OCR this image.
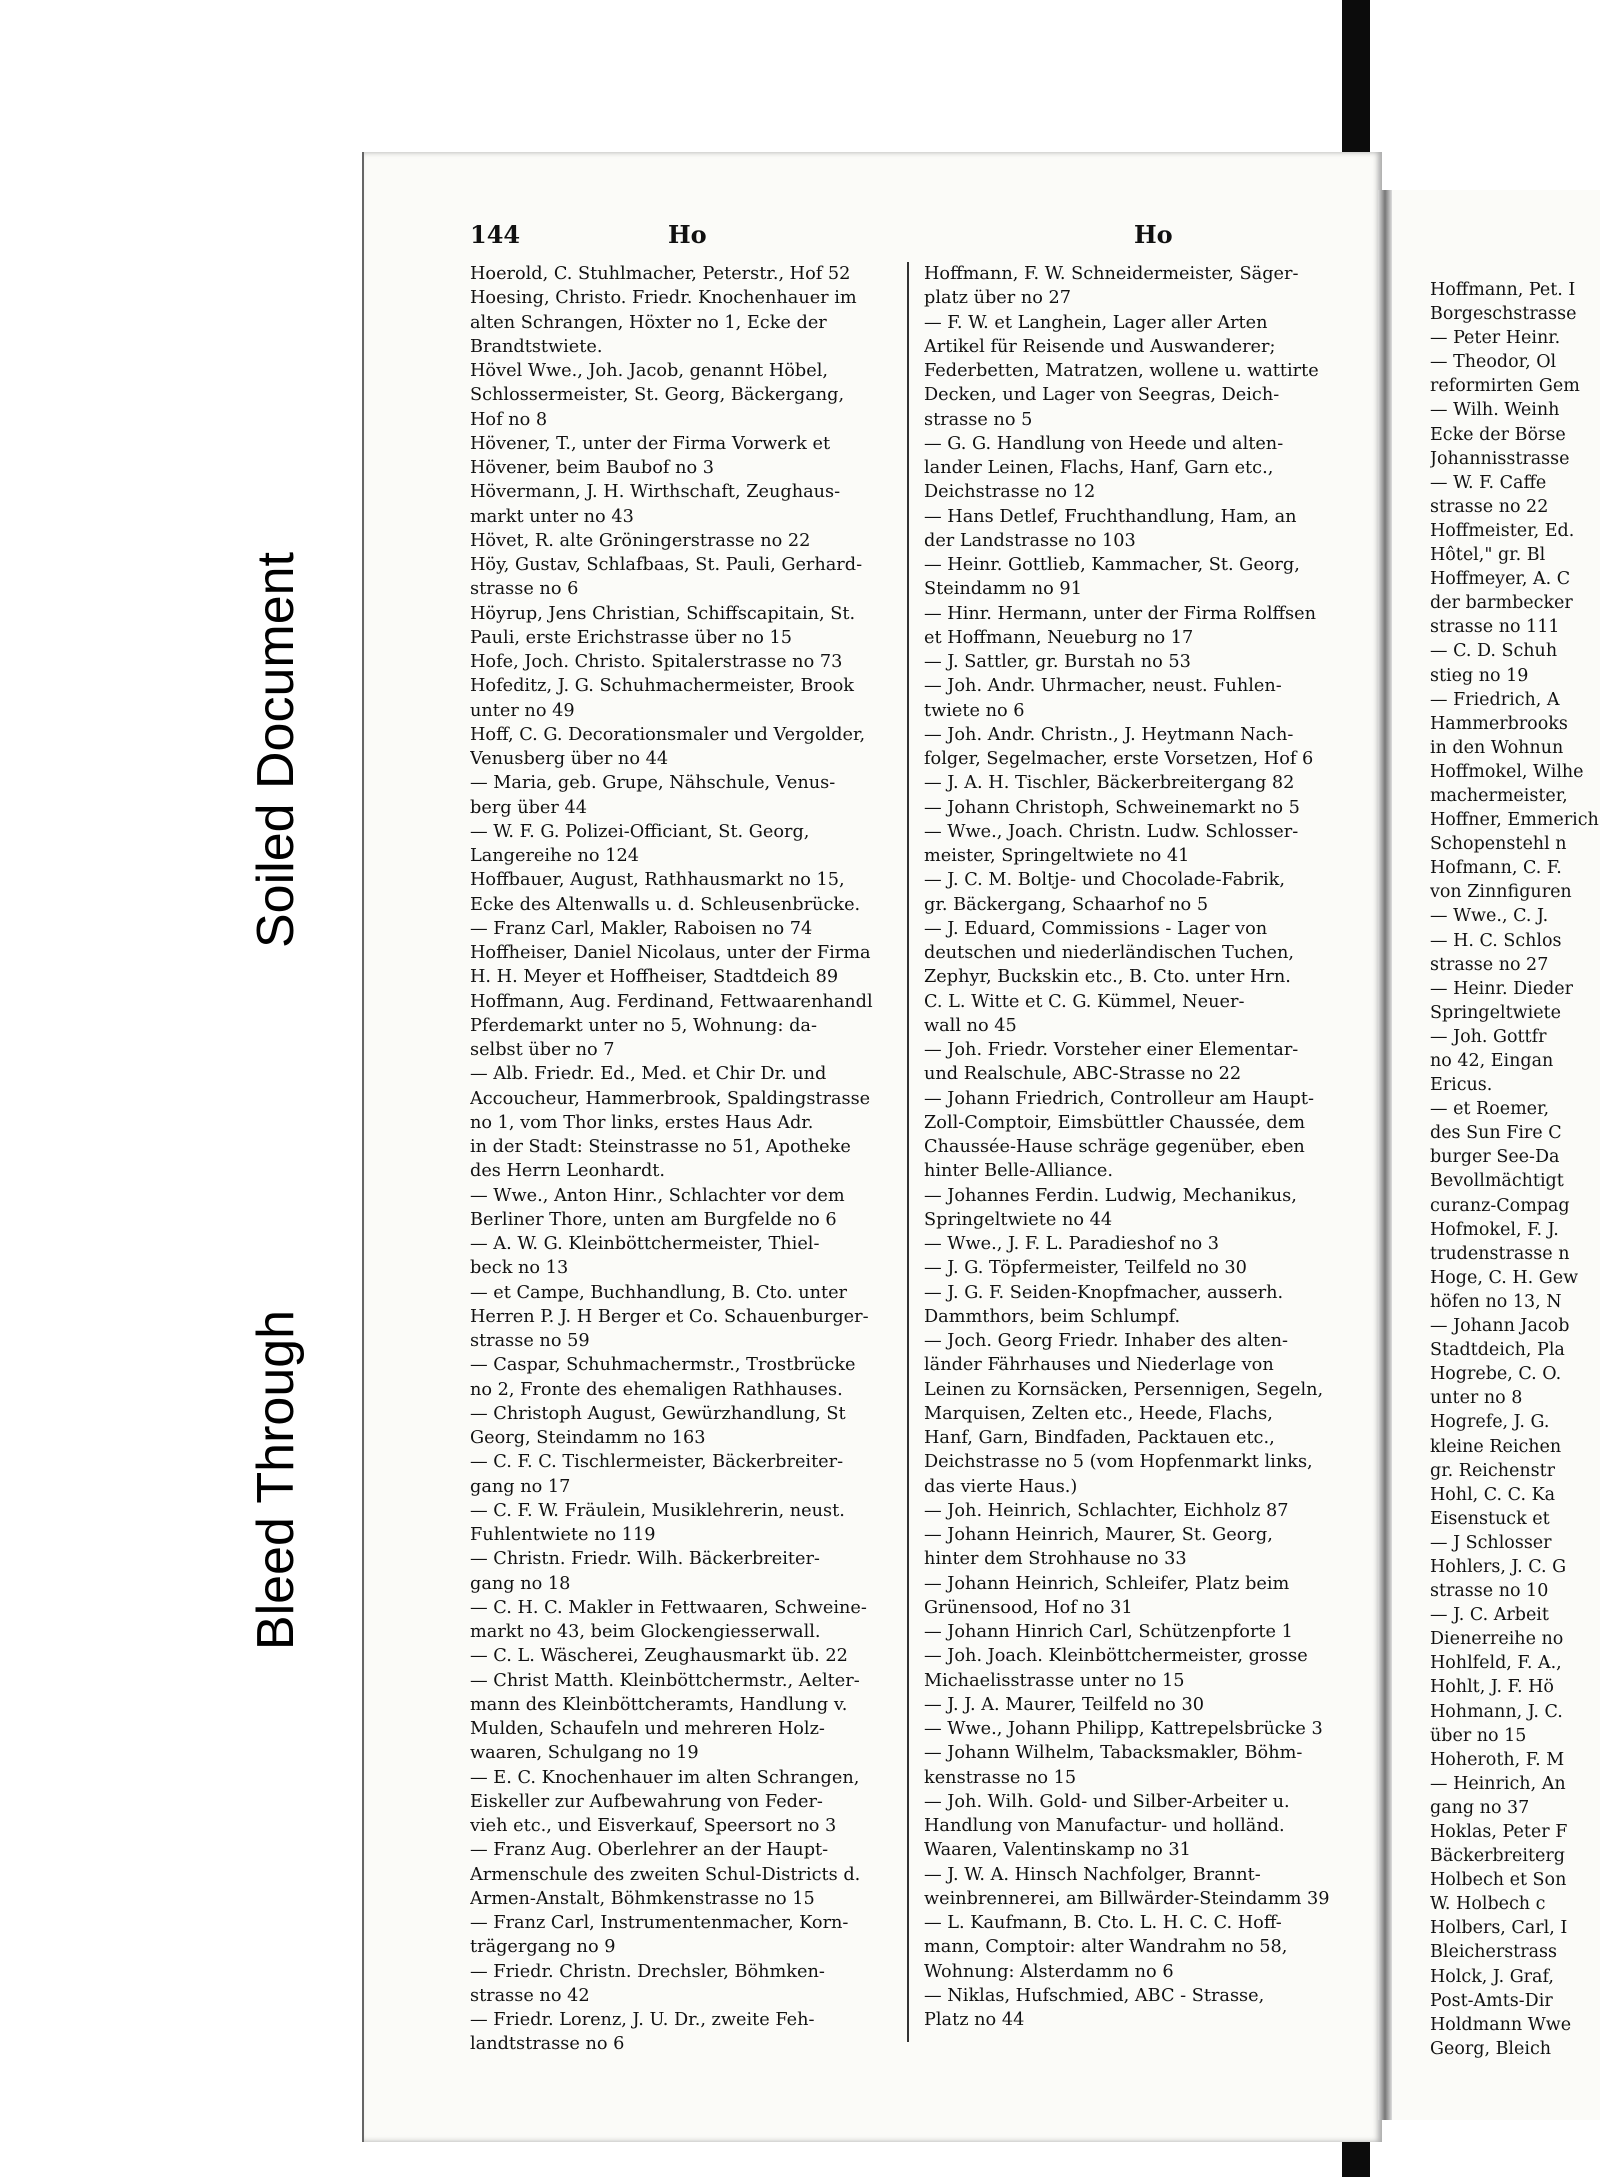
Soiled Document
Bleed Through
144	Ho	Ho
Hoerold, C. Stuhlmacher, Peterstr., Hof 52
Hoesing, Christo. Friedr. Knochenhauer im
alten Schrangen, Höxter no 1, Ecke der
Brandtstwiete.
Hövel Wwe., Joh. Jacob, genannt Höbel,
Schlossermeister, St. Georg, Bäckergang,
Hof no 8
Hövener, T., unter der Firma Vorwerk et
Hövener, beim Baubof no 3
Hövermann, J. H. Wirthschaft, Zeughaus-
markt unter no 43
Hövet, R. alte Gröningerstrasse no 22
Höy, Gustav, Schlafbaas, St. Pauli, Gerhard-
strasse no 6
Höyrup, Jens Christian, Schiffscapitain, St.
Pauli, erste Erichstrasse über no 15
Hofe, Joch. Christo. Spitalerstrasse no 73
Hofeditz, J. G. Schuhmachermeister, Brook
unter no 49
Hoff, C. G. Decorationsmaler und Vergolder,
Venusberg über no 44
— Maria, geb. Grupe, Nähschule, Venus-
berg über 44
— W. F. G. Polizei-Officiant, St. Georg,
Langereihe no 124
Hoffbauer, August, Rathhausmarkt no 15,
Ecke des Altenwalls u. d. Schleusenbrücke.
— Franz Carl, Makler, Raboisen no 74
Hoffheiser, Daniel Nicolaus, unter der Firma
H. H. Meyer et Hoffheiser, Stadtdeich 89
Hoffmann, Aug. Ferdinand, Fettwaarenhandl
Pferdemarkt unter no 5, Wohnung: da-
selbst über no 7
— Alb. Friedr. Ed., Med. et Chir Dr. und
Accoucheur, Hammerbrook, Spaldingstrasse
no 1, vom Thor links, erstes Haus Adr.
in der Stadt: Steinstrasse no 51, Apotheke
des Herrn Leonhardt.
— Wwe., Anton Hinr., Schlachter vor dem
Berliner Thore, unten am Burgfelde no 6
— A. W. G. Kleinböttchermeister, Thiel-
beck no 13
— et Campe, Buchhandlung, B. Cto. unter
Herren P. J. H Berger et Co. Schauenburger-
strasse no 59
— Caspar, Schuhmachermstr., Trostbrücke
no 2, Fronte des ehemaligen Rathhauses.
— Christoph August, Gewürzhandlung, St
Georg, Steindamm no 163
— C. F. C. Tischlermeister, Bäckerbreiter-
gang no 17
— C. F. W. Fräulein, Musiklehrerin, neust.
Fuhlentwiete no 119
— Christn. Friedr. Wilh. Bäckerbreiter-
gang no 18
— C. H. C. Makler in Fettwaaren, Schweine-
markt no 43, beim Glockengiesserwall.
— C. L. Wäscherei, Zeughausmarkt üb. 22
— Christ Matth. Kleinböttchermstr., Aelter-
mann des Kleinböttcheramts, Handlung v.
Mulden, Schaufeln und mehreren Holz-
waaren, Schulgang no 19
— E. C. Knochenhauer im alten Schrangen,
Eiskeller zur Aufbewahrung von Feder-
vieh etc., und Eisverkauf, Speersort no 3
— Franz Aug. Oberlehrer an der Haupt-
Armenschule des zweiten Schul-Districts d.
Armen-Anstalt, Böhmkenstrasse no 15
— Franz Carl, Instrumentenmacher, Korn-
trägergang no 9
— Friedr. Christn. Drechsler, Böhmken-
strasse no 42
— Friedr. Lorenz, J. U. Dr., zweite Feh-
landtstrasse no 6
Hoffmann, F. W. Schneidermeister, Säger-
platz über no 27
— F. W. et Langhein, Lager aller Arten
Artikel für Reisende und Auswanderer;
Federbetten, Matratzen, wollene u. wattirte
Decken, und Lager von Seegras, Deich-
strasse no 5
— G. G. Handlung von Heede und alten-
lander Leinen, Flachs, Hanf, Garn etc.,
Deichstrasse no 12
— Hans Detlef, Fruchthandlung, Ham, an
der Landstrasse no 103
— Heinr. Gottlieb, Kammacher, St. Georg,
Steindamm no 91
— Hinr. Hermann, unter der Firma Rolffsen
et Hoffmann, Neueburg no 17
— J. Sattler, gr. Burstah no 53
— Joh. Andr. Uhrmacher, neust. Fuhlen-
twiete no 6
— Joh. Andr. Christn., J. Heytmann Nach-
folger, Segelmacher, erste Vorsetzen, Hof 6
— J. A. H. Tischler, Bäckerbreitergang 82
— Johann Christoph, Schweinemarkt no 5
— Wwe., Joach. Christn. Ludw. Schlosser-
meister, Springeltwiete no 41
— J. C. M. Boltje- und Chocolade-Fabrik,
gr. Bäckergang, Schaarhof no 5
— J. Eduard, Commissions - Lager von
deutschen und niederländischen Tuchen,
Zephyr, Buckskin etc., B. Cto. unter Hrn.
C. L. Witte et C. G. Kümmel, Neuer-
wall no 45
— Joh. Friedr. Vorsteher einer Elementar-
und Realschule, ABC-Strasse no 22
— Johann Friedrich, Controlleur am Haupt-
Zoll-Comptoir, Eimsbüttler Chaussée, dem
Chaussée-Hause schräge gegenüber, eben
hinter Belle-Alliance.
— Johannes Ferdin. Ludwig, Mechanikus,
Springeltwiete no 44
— Wwe., J. F. L. Paradieshof no 3
— J. G. Töpfermeister, Teilfeld no 30
— J. G. F. Seiden-Knopfmacher, ausserh.
Dammthors, beim Schlumpf.
— Joch. Georg Friedr. Inhaber des alten-
länder Fährhauses und Niederlage von
Leinen zu Kornsäcken, Persennigen, Segeln,
Marquisen, Zelten etc., Heede, Flachs,
Hanf, Garn, Bindfaden, Packtauen etc.,
Deichstrasse no 5 (vom Hopfenmarkt links,
das vierte Haus.)
— Joh. Heinrich, Schlachter, Eichholz 87
— Johann Heinrich, Maurer, St. Georg,
hinter dem Strohhause no 33
— Johann Heinrich, Schleifer, Platz beim
Grünensood, Hof no 31
— Johann Hinrich Carl, Schützenpforte 1
— Joh. Joach. Kleinböttchermeister, grosse
Michaelisstrasse unter no 15
— J. J. A. Maurer, Teilfeld no 30
— Wwe., Johann Philipp, Kattrepelsbrücke 3
— Johann Wilhelm, Tabacksmakler, Böhm-
kenstrasse no 15
— Joh. Wilh. Gold- und Silber-Arbeiter u.
Handlung von Manufactur- und holländ.
Waaren, Valentinskamp no 31
— J. W. A. Hinsch Nachfolger, Brannt-
weinbrennerei, am Billwärder-Steindamm 39
— L. Kaufmann, B. Cto. L. H. C. C. Hoff-
mann, Comptoir: alter Wandrahm no 58,
Wohnung: Alsterdamm no 6
— Niklas, Hufschmied, ABC - Strasse,
Platz no 44
Hoffmann, Pet. I
Borgeschstrasse
— Peter Heinr.
— Theodor, Ol
reformirten Gem
— Wilh. Weinh
Ecke der Börse
Johannisstrasse
— W. F. Caffe
strasse no 22
Hoffmeister, Ed.
Hôtel," gr. Bl
Hoffmeyer, A. C
der barmbecker
strasse no 111
— C. D. Schuh
stieg no 19
— Friedrich, A
Hammerbrooks
in den Wohnun
Hoffmokel, Wilhe
machermeister,
Hoffner, Emmerich
Schopenstehl n
Hofmann, C. F.
von Zinnfiguren
— Wwe., C. J.
— H. C. Schlos
strasse no 27
— Heinr. Dieder
Springeltwiete
— Joh. Gottfr
no 42, Eingan
Ericus.
— et Roemer,
des Sun Fire C
burger See-Da
Bevollmächtigt
curanz-Compag
Hofmokel, F. J.
trudenstrasse n
Hoge, C. H. Gew
höfen no 13, N
— Johann Jacob
Stadtdeich, Pla
Hogrebe, C. O.
unter no 8
Hogrefe, J. G.
kleine Reichen
gr. Reichenstr
Hohl, C. C. Ka
Eisenstuck et
— J Schlosser
Hohlers, J. C. G
strasse no 10
— J. C. Arbeit
Dienerreihe no
Hohlfeld, F. A.,
Hohlt, J. F. Hö
Hohmann, J. C.
über no 15
Hoheroth, F. M
— Heinrich, An
gang no 37
Hoklas, Peter F
Bäckerbreiterg
Holbech et Son
W. Holbech c
Holbers, Carl, I
Bleicherstrass
Holck, J. Graf,
Post-Amts-Dir
Holdmann Wwe
Georg, Bleich
